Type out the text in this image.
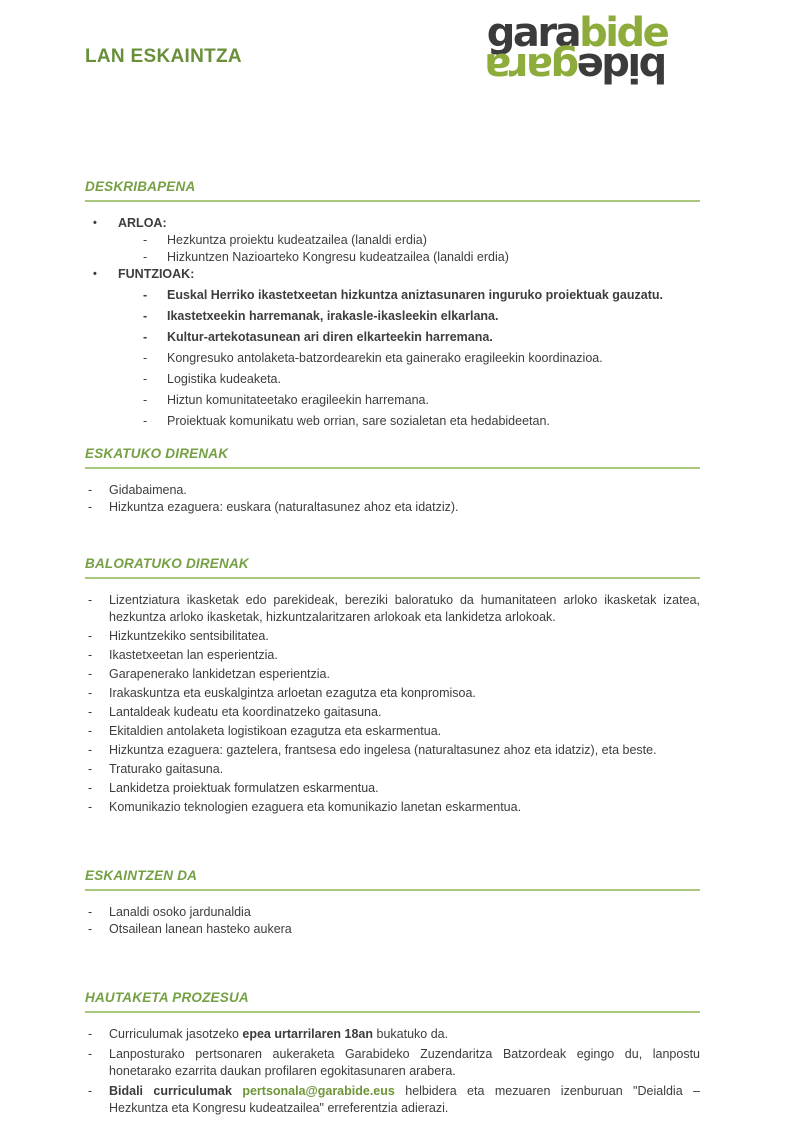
LAN ESKAINTZA
garabide
bidegara
DESKRIBAPENA
• ARLOA:
- Hezkuntza proiektu kudeatzailea (lanaldi erdia)
- Hizkuntzen Nazioarteko Kongresu kudeatzailea (lanaldi erdia)
• FUNTZIOAK:
- Euskal Herriko ikastetxeetan hizkuntza aniztasunaren inguruko proiektuak gauzatu.
- Ikastetxeekin harremanak, irakasle-ikasleekin elkarlana.
- Kultur-artekotasunean ari diren elkarteekin harremana.
- Kongresuko antolaketa-batzordearekin eta gainerako eragileekin koordinazioa.
- Logistika kudeaketa.
- Hiztun komunitateetako eragileekin harremana.
- Proiektuak komunikatu web orrian, sare sozialetan eta hedabideetan.
ESKATUKO DIRENAK
- Gidabaimena.
- Hizkuntza ezaguera: euskara (naturaltasunez ahoz eta idatziz).
BALORATUKO DIRENAK
- Lizentziatura ikasketak edo parekideak, bereziki baloratuko da humanitateen arloko ikasketak izatea, hezkuntza arloko ikasketak, hizkuntzalaritzaren arlokoak eta lankidetza arlokoak.
- Hizkuntzekiko sentsibilitatea.
- Ikastetxeetan lan esperientzia.
- Garapenerako lankidetzan esperientzia.
- Irakaskuntza eta euskalgintza arloetan ezagutza eta konpromisoa.
- Lantaldeak kudeatu eta koordinatzeko gaitasuna.
- Ekitaldien antolaketa logistikoan ezagutza eta eskarmentua.
- Hizkuntza ezaguera: gaztelera, frantsesa edo ingelesa (naturaltasunez ahoz eta idatziz), eta beste.
- Traturako gaitasuna.
- Lankidetza proiektuak formulatzen eskarmentua.
- Komunikazio teknologien ezaguera eta komunikazio lanetan eskarmentua.
ESKAINTZEN DA
- Lanaldi osoko jardunaldia
- Otsailean lanean hasteko aukera
HAUTAKETA PROZESUA
- Curriculumak jasotzeko epea urtarrilaren 18an bukatuko da.
- Lanposturako pertsonaren aukeraketa Garabideko Zuzendaritza Batzordeak egingo du, lanpostu honetarako ezarrita daukan profilaren egokitasunaren arabera.
- Bidali curriculumak pertsonala@garabide.eus helbidera eta mezuaren izenburuan "Deialdia – Hezkuntza eta Kongresu kudeatzailea" erreferentzia adierazi.
